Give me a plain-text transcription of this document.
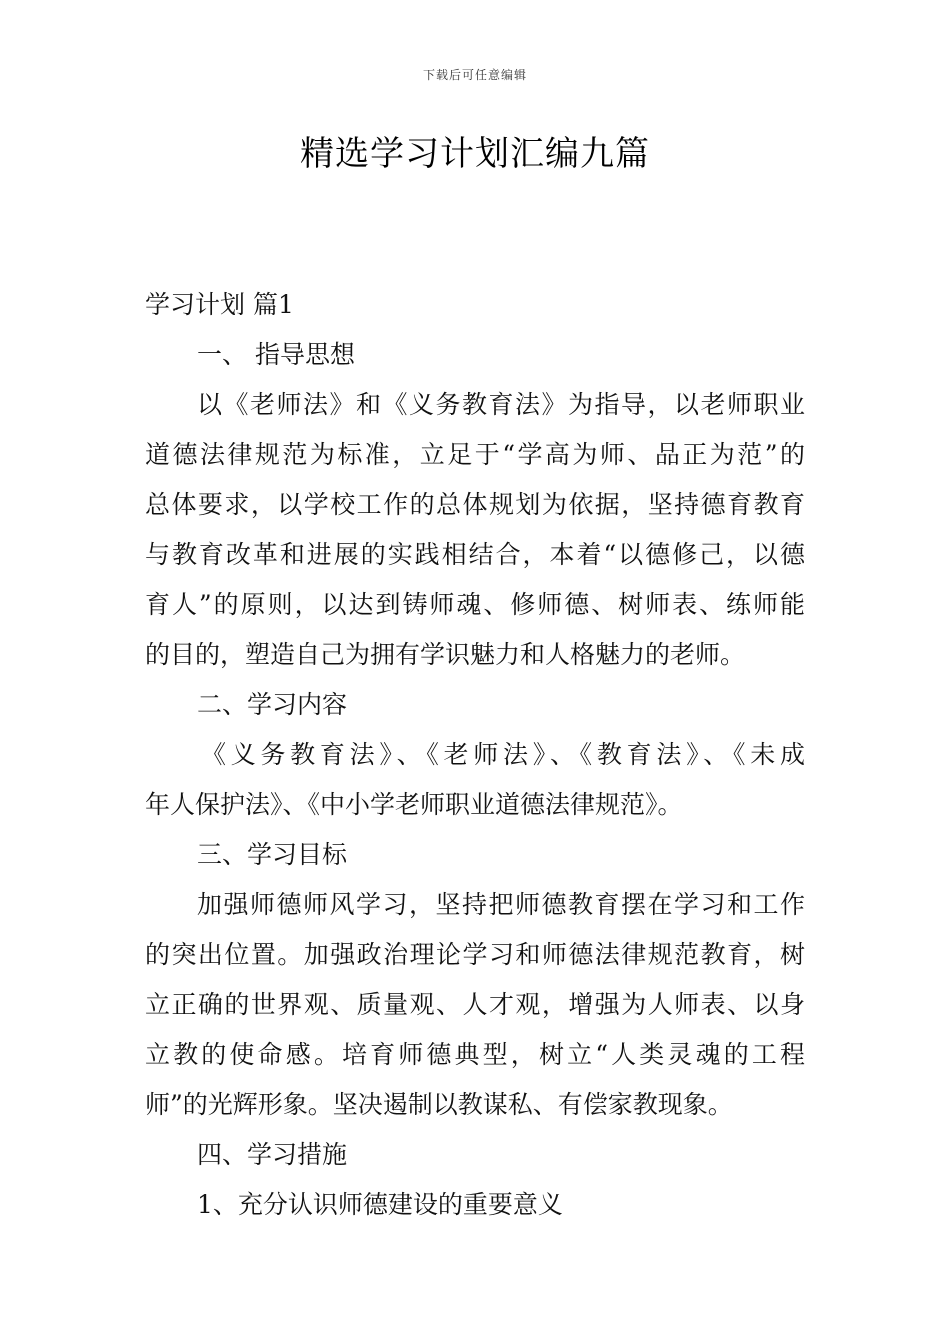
下载后可任意编辑
精选学习计划汇编九篇
学习计划 篇1
一、 指导思想
以《老师法》和《义务教育法》为指导，以老师职业
道德法律规范为标准，立足于“学高为师、品正为范”的
总体要求，以学校工作的总体规划为依据，坚持德育教育
与教育改革和进展的实践相结合，本着“以德修己，以德
育人”的原则，以达到铸师魂、修师德、树师表、练师能
的目的，塑造自己为拥有学识魅力和人格魅力的老师。
二、学习内容
《义务教育法》、《老师法》、《教育法》、《未成
年人保护法》、《中小学老师职业道德法律规范》。
三、学习目标
加强师德师风学习，坚持把师德教育摆在学习和工作
的突出位置。加强政治理论学习和师德法律规范教育，树
立正确的世界观、质量观、人才观，增强为人师表、以身
立教的使命感。培育师德典型，树立“人类灵魂的工程
师”的光辉形象。坚决遏制以教谋私、有偿家教现象。
四、学习措施
1、充分认识师德建设的重要意义
